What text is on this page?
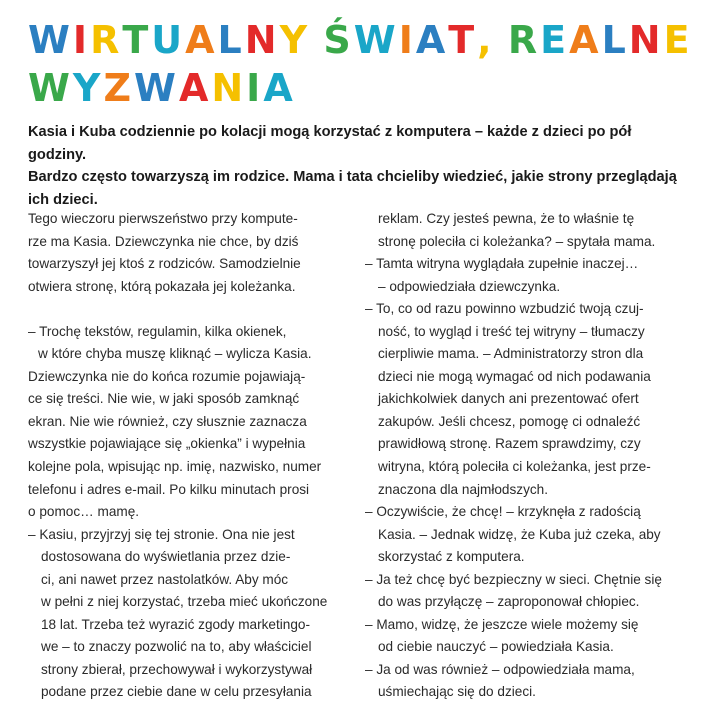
WIRTUALNY ŚWIAT, REALNE
WYZWANIA
Kasia i Kuba codziennie po kolacji mogą korzystać z komputera – każde z dzieci po pół godziny.
Bardzo często towarzyszą im rodzice. Mama i tata chcieliby wiedzieć, jakie strony przeglądają
ich dzieci.
Tego wieczoru pierwszeństwo przy kompute-
rze ma Kasia. Dziewczynka nie chce, by dziś
towarzyszył jej ktoś z rodziców. Samodzielnie
otwiera stronę, którą pokazała jej koleżanka.
– Trochę tekstów, regulamin, kilka okienek,
w które chyba muszę kliknąć – wylicza Kasia.
Dziewczynka nie do końca rozumie pojawiają-
ce się treści. Nie wie, w jaki sposób zamknąć
ekran. Nie wie również, czy słusznie zaznacza
wszystkie pojawiające się „okienka” i wypełnia
kolejne pola, wpisując np. imię, nazwisko, numer
telefonu i adres e-mail. Po kilku minutach prosi
o pomoc… mamę.
– Kasiu, przyjrzyj się tej stronie. Ona nie jest
dostosowana do wyświetlania przez dzie-
ci, ani nawet przez nastolatków. Aby móc
w pełni z niej korzystać, trzeba mieć ukończone
18 lat. Trzeba też wyrazić zgody marketingo-
we – to znaczy pozwolić na to, aby właściciel
strony zbierał, przechowywał i wykorzystywał
podane przez ciebie dane w celu przesyłania
reklam. Czy jesteś pewna, że to właśnie tę
stronę poleciła ci koleżanka? – spytała mama.
– Tamta witryna wyglądała zupełnie inaczej…
– odpowiedziała dziewczynka.
– To, co od razu powinno wzbudzić twoją czuj-
ność, to wygląd i treść tej witryny – tłumaczy
cierpliwie mama. – Administratorzy stron dla
dzieci nie mogą wymagać od nich podawania
jakichkolwiek danych ani prezentować ofert
zakupów. Jeśli chcesz, pomogę ci odnaleźć
prawidłową stronę. Razem sprawdzimy, czy
witryna, którą poleciła ci koleżanka, jest prze-
znaczona dla najmłodszych.
– Oczywiście, że chcę! – krzyknęła z radością
Kasia. – Jednak widzę, że Kuba już czeka, aby
skorzystać z komputera.
– Ja też chcę być bezpieczny w sieci. Chętnie się
do was przyłączę – zaproponował chłopiec.
– Mamo, widzę, że jeszcze wiele możemy się
od ciebie nauczyć – powiedziała Kasia.
– Ja od was również – odpowiedziała mama,
uśmiechając się do dzieci.
